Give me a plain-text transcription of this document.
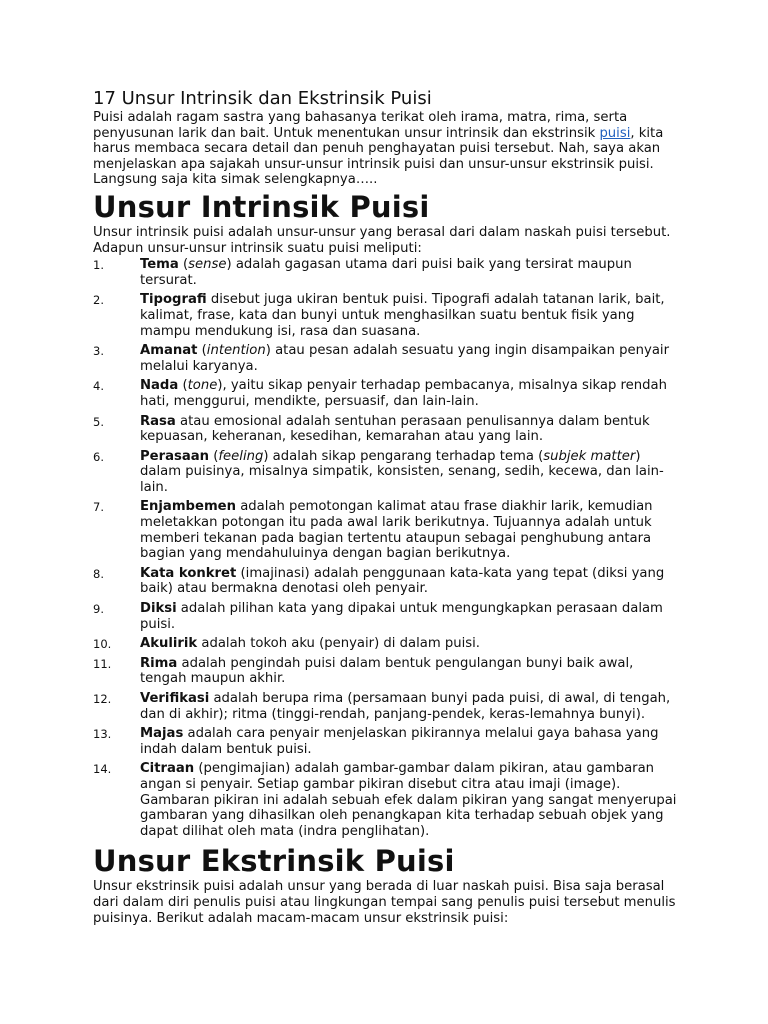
17 Unsur Intrinsik dan Ekstrinsik Puisi

Puisi adalah ragam sastra yang bahasanya terikat oleh irama, matra, rima, serta penyusunan larik dan bait. Untuk menentukan unsur intrinsik dan ekstrinsik puisi, kita harus membaca secara detail dan penuh penghayatan puisi tersebut. Nah, saya akan menjelaskan apa sajakah unsur-unsur intrinsik puisi dan unsur-unsur ekstrinsik puisi. Langsung saja kita simak selengkapnya…..

Unsur Intrinsik Puisi

Unsur intrinsik puisi adalah unsur-unsur yang berasal dari dalam naskah puisi tersebut. Adapun unsur-unsur intrinsik suatu puisi meliputi:

1.	Tema (sense) adalah gagasan utama dari puisi baik yang tersirat maupun tersurat.
2.	Tipografi disebut juga ukiran bentuk puisi. Tipografi adalah tatanan larik, bait, kalimat, frase, kata dan bunyi untuk menghasilkan suatu bentuk fisik yang mampu mendukung isi, rasa dan suasana.
3.	Amanat (intention) atau pesan adalah sesuatu yang ingin disampaikan penyair melalui karyanya.
4.	Nada (tone), yaitu sikap penyair terhadap pembacanya, misalnya sikap rendah hati, menggurui, mendikte, persuasif, dan lain-lain.
5.	Rasa atau emosional adalah sentuhan perasaan penulisannya dalam bentuk kepuasan, keheranan, kesedihan, kemarahan atau yang lain.
6.	Perasaan (feeling) adalah sikap pengarang terhadap tema (subjek matter) dalam puisinya, misalnya simpatik, konsisten, senang, sedih, kecewa, dan lain-lain.
7.	Enjambemen adalah pemotongan kalimat atau frase diakhir larik, kemudian meletakkan potongan itu pada awal larik berikutnya. Tujuannya adalah untuk memberi tekanan pada bagian tertentu ataupun sebagai penghubung antara bagian yang mendahuluinya dengan bagian berikutnya.
8.	Kata konkret (imajinasi) adalah penggunaan kata-kata yang tepat (diksi yang baik) atau bermakna denotasi oleh penyair.
9.	Diksi adalah pilihan kata yang dipakai untuk mengungkapkan perasaan dalam puisi.
10. Akulirik adalah tokoh aku (penyair) di dalam puisi.
11. Rima adalah pengindah puisi dalam bentuk pengulangan bunyi baik awal, tengah maupun akhir.
12. Verifikasi adalah berupa rima (persamaan bunyi pada puisi, di awal, di tengah, dan di akhir); ritma (tinggi-rendah, panjang-pendek, keras-lemahnya bunyi).
13. Majas adalah cara penyair menjelaskan pikirannya melalui gaya bahasa yang indah dalam bentuk puisi.
14. Citraan (pengimajian) adalah gambar-gambar dalam pikiran, atau gambaran angan si penyair. Setiap gambar pikiran disebut citra atau imaji (image). Gambaran pikiran ini adalah sebuah efek dalam pikiran yang sangat menyerupai gambaran yang dihasilkan oleh penangkapan kita terhadap sebuah objek yang dapat dilihat oleh mata (indra penglihatan).
Unsur Ekstrinsik Puisi

Unsur ekstrinsik puisi adalah unsur yang berada di luar naskah puisi. Bisa saja berasal dari dalam diri penulis puisi atau lingkungan tempai sang penulis puisi tersebut menulis puisinya. Berikut adalah macam-macam unsur ekstrinsik puisi:
